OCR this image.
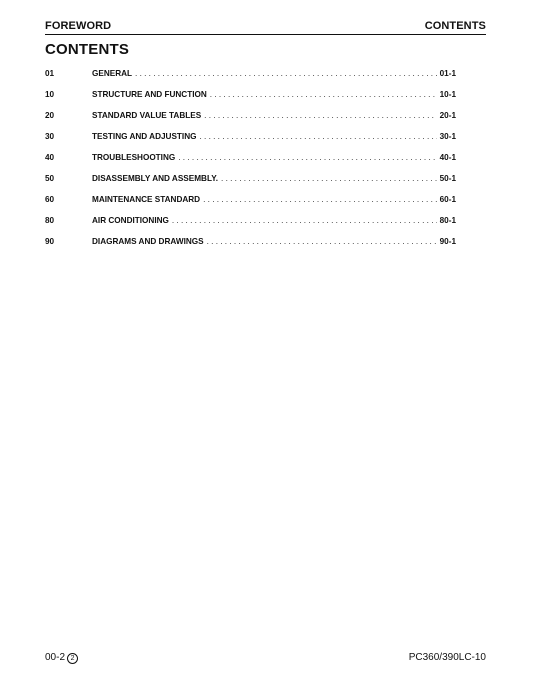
FOREWORD	CONTENTS
CONTENTS
01	GENERAL . . .	01-1
10	STRUCTURE AND FUNCTION . . .	10-1
20	STANDARD VALUE TABLES . . .	20-1
30	TESTING AND ADJUSTING . . .	30-1
40	TROUBLESHOOTING . . .	40-1
50	DISASSEMBLY AND ASSEMBLY. . . .	50-1
60	MAINTENANCE STANDARD . . .	60-1
80	AIR CONDITIONING . . .	80-1
90	DIAGRAMS AND DRAWINGS . . .	90-1
00-2 2	PC360/390LC-10
